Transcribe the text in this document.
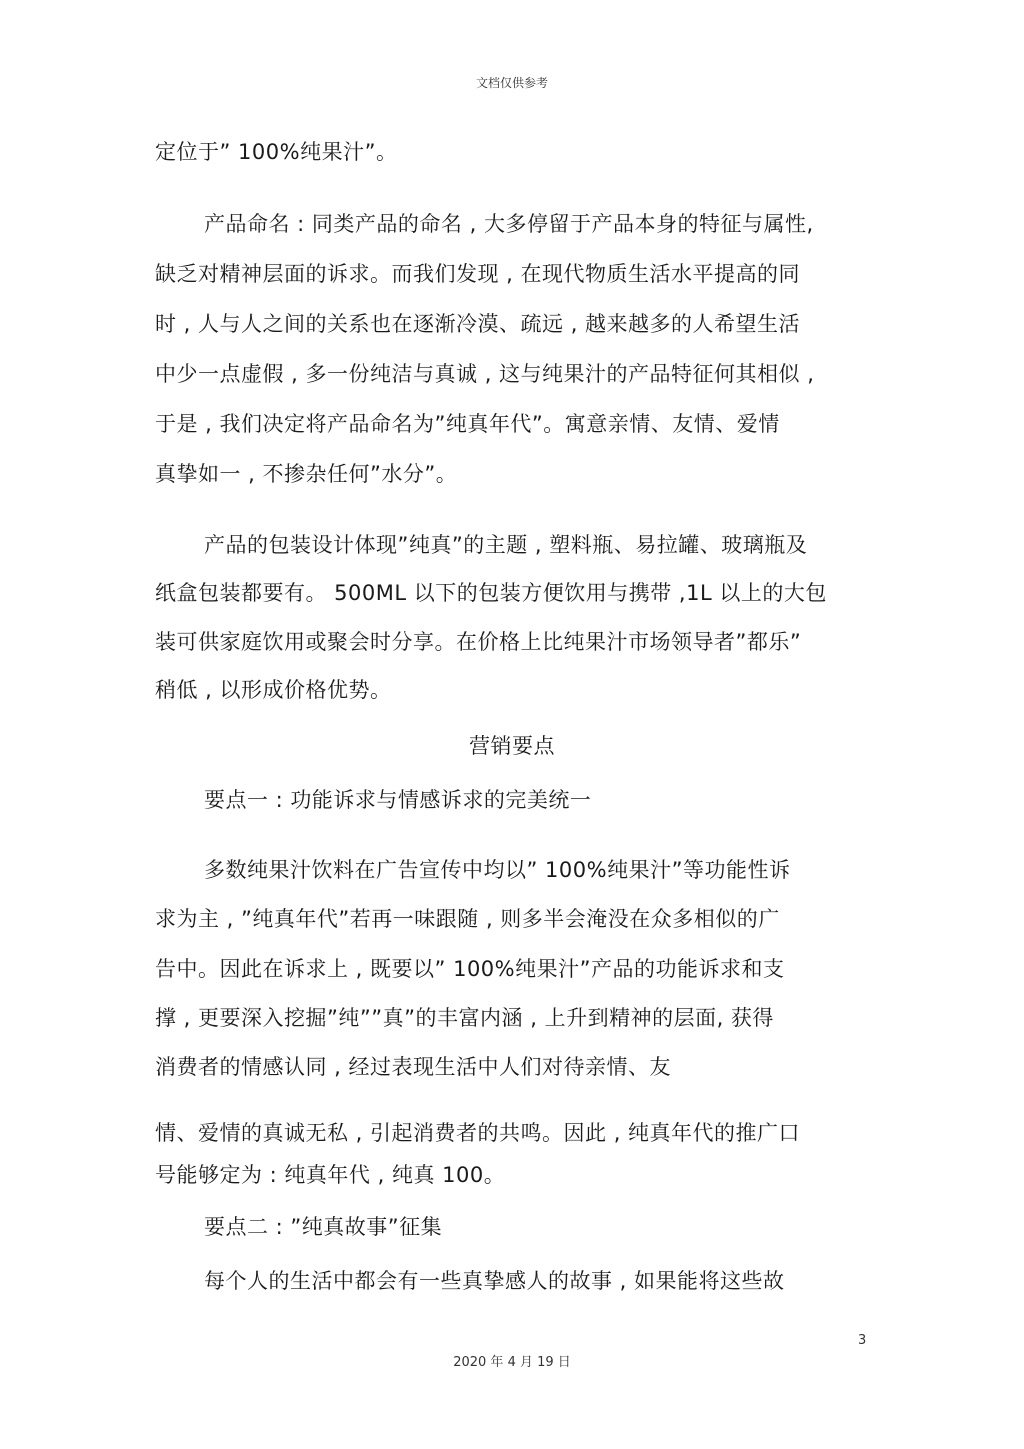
文档仅供参考
定位于” 100%纯果汁”。
产品命名 : 同类产品的命名 , 大多停留于产品本身的特征与属性,
缺乏对精神层面的诉求。而我们发现 , 在现代物质生活水平提高的同
时 , 人与人之间的关系也在逐渐冷漠、疏远 , 越来越多的人希望生活
中少一点虚假 , 多一份纯洁与真诚 , 这与纯果汁的产品特征何其相似 ,
于是 , 我们决定将产品命名为”纯真年代”。寓意亲情、友情、爱情
真挚如一 , 不掺杂任何”水分”。
产品的包装设计体现”纯真”的主题 , 塑料瓶、易拉罐、玻璃瓶及
纸盒包装都要有。 500ML 以下的包装方便饮用与携带 ,1L 以上的大包
装可供家庭饮用或聚会时分享。在价格上比纯果汁市场领导者”都乐”
稍低 , 以形成价格优势。
营销要点
要点一 : 功能诉求与情感诉求的完美统一
多数纯果汁饮料在广告宣传中均以” 100%纯果汁”等功能性诉
求为主 , ”纯真年代”若再一味跟随 , 则多半会淹没在众多相似的广
告中。因此在诉求上 , 既要以” 100%纯果汁”产品的功能诉求和支
撑 , 更要深入挖掘”纯””真”的丰富内涵 , 上升到精神的层面, 获得
消费者的情感认同 , 经过表现生活中人们对待亲情、友
情、爱情的真诚无私 , 引起消费者的共鸣。因此 , 纯真年代的推广口
号能够定为 : 纯真年代 , 纯真 100。
要点二 : ”纯真故事”征集
每个人的生活中都会有一些真挚感人的故事 , 如果能将这些故
3
2020 年 4 月 19 日
